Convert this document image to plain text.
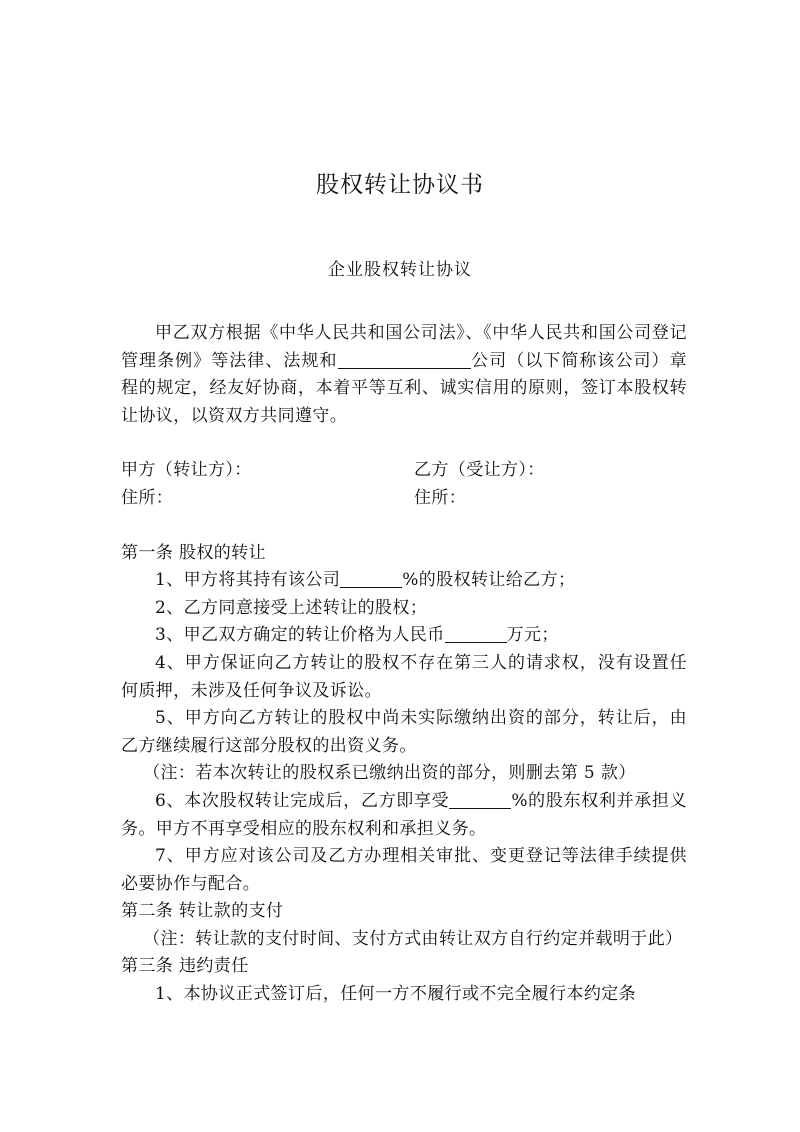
股权转让协议书
企业股权转让协议

甲乙双方根据《中华人民共和国公司法》、《中华人民共和国公司登记管理条例》等法律、法规和	公司（以下简称该公司）章程的规定，经友好协商，本着平等互利、诚实信用的原则，签订本股权转让协议，以资双方共同遵守。

甲方（转让方）：	乙方（受让方）：
住所：	住所：

第一条 股权的转让

1、甲方将其持有该公司	%的股权转让给乙方；

2、乙方同意接受上述转让的股权；

3、甲乙双方确定的转让价格为人民币	万元；

4、甲方保证向乙方转让的股权不存在第三人的请求权，没有设置任何质押，未涉及任何争议及诉讼。

5、甲方向乙方转让的股权中尚未实际缴纳出资的部分，转让后，由乙方继续履行这部分股权的出资义务。

（注：若本次转让的股权系已缴纳出资的部分，则删去第 5 款）

6、本次股权转让完成后，乙方即享受	%的股东权利并承担义务。甲方不再享受相应的股东权利和承担义务。

7、甲方应对该公司及乙方办理相关审批、变更登记等法律手续提供必要协作与配合。

第二条 转让款的支付

（注：转让款的支付时间、支付方式由转让双方自行约定并载明于此）

第三条 违约责任

1、本协议正式签订后，任何一方不履行或不完全履行本约定条
